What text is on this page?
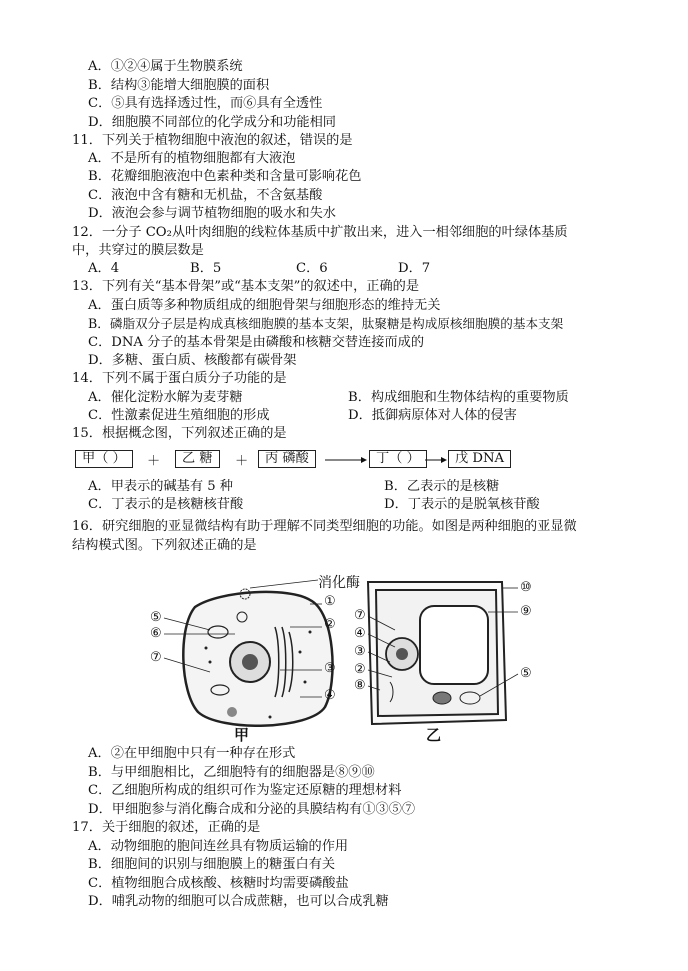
A．①②④属于生物膜系统
B．结构③能增大细胞膜的面积
C．⑤具有选择透过性，而⑥具有全透性
D．细胞膜不同部位的化学成分和功能相同
11．下列关于植物细胞中液泡的叙述，错误的是
A．不是所有的植物细胞都有大液泡
B．花瓣细胞液泡中色素种类和含量可影响花色
C．液泡中含有糖和无机盐，不含氨基酸
D．液泡会参与调节植物细胞的吸水和失水
12．一分子 CO₂从叶肉细胞的线粒体基质中扩散出来，进入一相邻细胞的叶绿体基质
中，共穿过的膜层数是
A．4	B．5	C．6	D．7
13．下列有关“基本骨架”或“基本支架”的叙述中，正确的是
A．蛋白质等多种物质组成的细胞骨架与细胞形态的维持无关
B．磷脂双分子层是构成真核细胞膜的基本支架，肽聚糖是构成原核细胞膜的基本支架
C．DNA 分子的基本骨架是由磷酸和核糖交替连接而成的
D．多糖、蛋白质、核酸都有碳骨架
14．下列不属于蛋白质分子功能的是
A．催化淀粉水解为麦芽糖	B．构成细胞和生物体结构的重要物质
C．性激素促进生殖细胞的形成	D．抵御病原体对人体的侵害
15．根据概念图，下列叙述正确的是
甲（ ）	＋	乙 糖	＋	丙 磷酸	丁（ ）	戊 DNA
A．甲表示的碱基有 5 种	B．乙表示的是核糖
C．丁表示的是核糖核苷酸	D．丁表示的是脱氧核苷酸
16．研究细胞的亚显微结构有助于理解不同类型细胞的功能。如图是两种细胞的亚显微
结构模式图。下列叙述正确的是
消化酶
①
②
③
④
⑤
⑥
⑦
⑦
④
③
②
⑧
⑩
⑨
⑤
甲	乙
A．②在甲细胞中只有一种存在形式
B．与甲细胞相比，乙细胞特有的细胞器是⑧⑨⑩
C．乙细胞所构成的组织可作为鉴定还原糖的理想材料
D．甲细胞参与消化酶合成和分泌的具膜结构有①③⑤⑦
17．关于细胞的叙述，正确的是
A．动物细胞的胞间连丝具有物质运输的作用
B．细胞间的识别与细胞膜上的糖蛋白有关
C．植物细胞合成核酸、核糖时均需要磷酸盐
D．哺乳动物的细胞可以合成蔗糖，也可以合成乳糖
